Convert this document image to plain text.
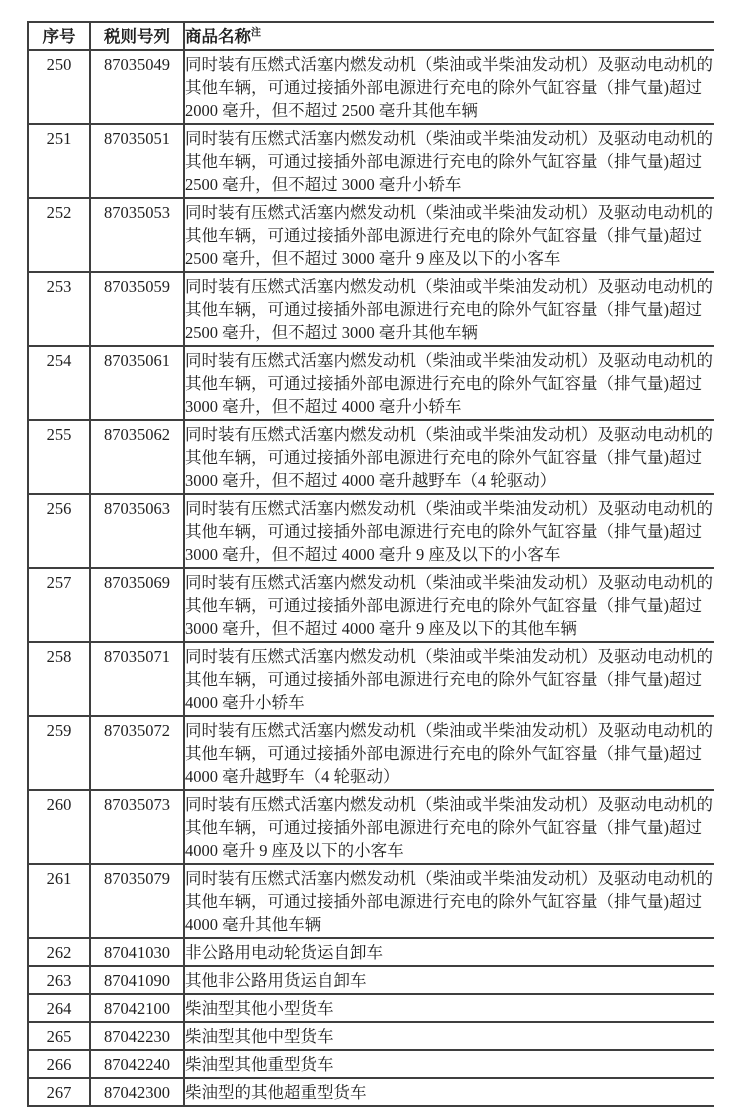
序号	税则号列	商品名称$^注$
250	87035049	同时装有压燃式活塞内燃发动机（柴油或半柴油发动机）及驱动电动机的其他车辆，可通过接插外部电源进行充电的除外气缸容量（排气量)超过 2000 毫升，但不超过 2500 毫升其他车辆
251	87035051	同时装有压燃式活塞内燃发动机（柴油或半柴油发动机）及驱动电动机的其他车辆，可通过接插外部电源进行充电的除外气缸容量（排气量)超过 2500 毫升，但不超过 3000 毫升小轿车
252	87035053	同时装有压燃式活塞内燃发动机（柴油或半柴油发动机）及驱动电动机的其他车辆，可通过接插外部电源进行充电的除外气缸容量（排气量)超过 2500 毫升，但不超过 3000 毫升 9 座及以下的小客车
253	87035059	同时装有压燃式活塞内燃发动机（柴油或半柴油发动机）及驱动电动机的其他车辆，可通过接插外部电源进行充电的除外气缸容量（排气量)超过 2500 毫升，但不超过 3000 毫升其他车辆
254	87035061	同时装有压燃式活塞内燃发动机（柴油或半柴油发动机）及驱动电动机的其他车辆，可通过接插外部电源进行充电的除外气缸容量（排气量)超过 3000 毫升，但不超过 4000 毫升小轿车
255	87035062	同时装有压燃式活塞内燃发动机（柴油或半柴油发动机）及驱动电动机的其他车辆，可通过接插外部电源进行充电的除外气缸容量（排气量)超过 3000 毫升，但不超过 4000 毫升越野车（4 轮驱动）
256	87035063	同时装有压燃式活塞内燃发动机（柴油或半柴油发动机）及驱动电动机的其他车辆，可通过接插外部电源进行充电的除外气缸容量（排气量)超过 3000 毫升，但不超过 4000 毫升 9 座及以下的小客车
257	87035069	同时装有压燃式活塞内燃发动机（柴油或半柴油发动机）及驱动电动机的其他车辆，可通过接插外部电源进行充电的除外气缸容量（排气量)超过 3000 毫升，但不超过 4000 毫升 9 座及以下的其他车辆
258	87035071	同时装有压燃式活塞内燃发动机（柴油或半柴油发动机）及驱动电动机的其他车辆，可通过接插外部电源进行充电的除外气缸容量（排气量)超过 4000 毫升小轿车
259	87035072	同时装有压燃式活塞内燃发动机（柴油或半柴油发动机）及驱动电动机的其他车辆，可通过接插外部电源进行充电的除外气缸容量（排气量)超过 4000 毫升越野车（4 轮驱动）
260	87035073	同时装有压燃式活塞内燃发动机（柴油或半柴油发动机）及驱动电动机的其他车辆，可通过接插外部电源进行充电的除外气缸容量（排气量)超过 4000 毫升 9 座及以下的小客车
261	87035079	同时装有压燃式活塞内燃发动机（柴油或半柴油发动机）及驱动电动机的其他车辆，可通过接插外部电源进行充电的除外气缸容量（排气量)超过 4000 毫升其他车辆
262	87041030	非公路用电动轮货运自卸车
263	87041090	其他非公路用货运自卸车
264	87042100	柴油型其他小型货车
265	87042230	柴油型其他中型货车
266	87042240	柴油型其他重型货车
267	87042300	柴油型的其他超重型货车
